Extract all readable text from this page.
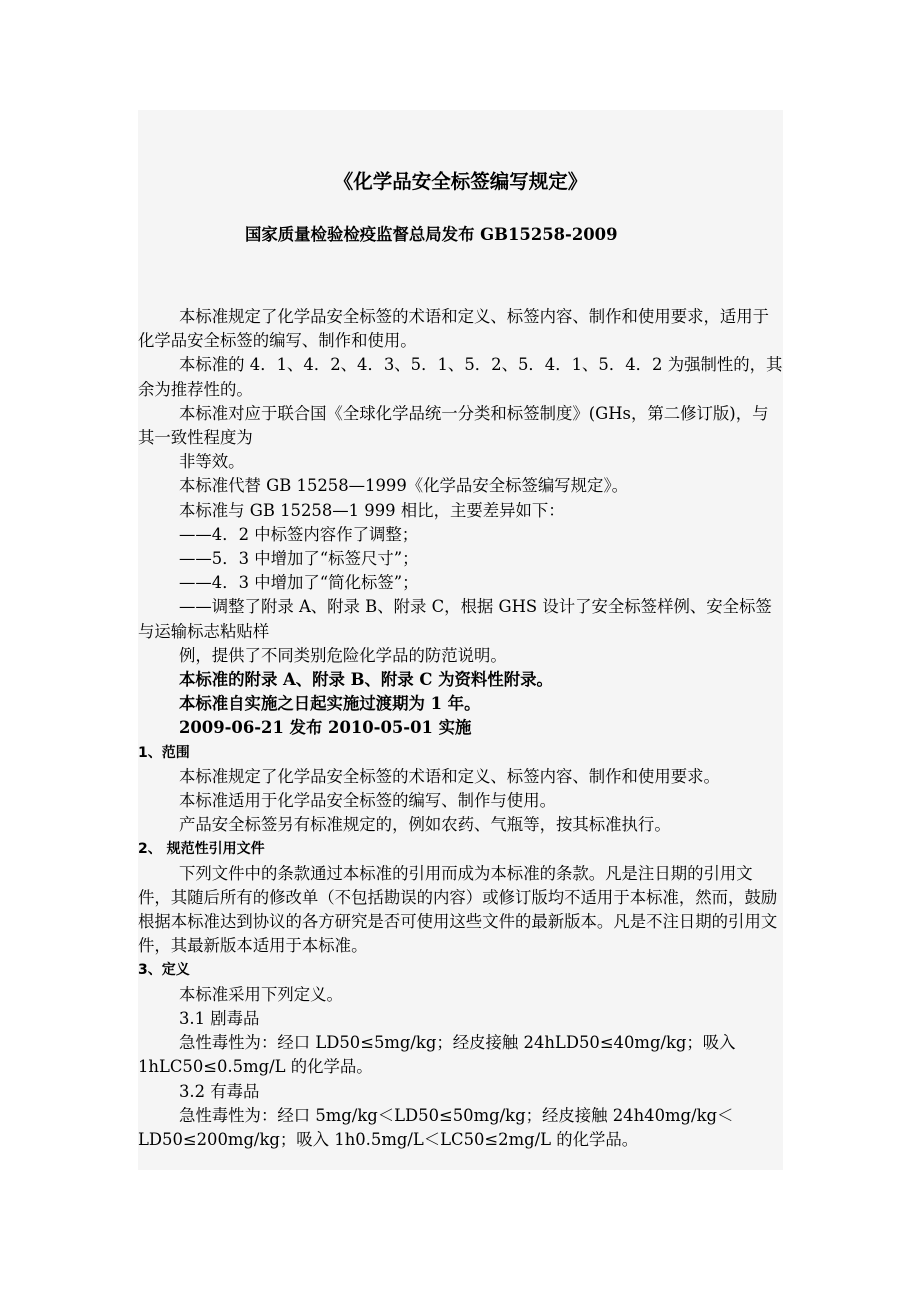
《化学品安全标签编写规定》
国家质量检验检疫监督总局发布 GB15258-2009

本标准规定了化学品安全标签的术语和定义、标签内容、制作和使用要求，适用于化学品安全标签的编写、制作和使用。

本标准的 4．1、4．2、4．3、5．1、5．2、5．4．1、5．4．2 为强制性的，其余为推荐性的。

本标准对应于联合国《全球化学品统一分类和标签制度》(GHs，第二修订版)，与其一致性程度为

非等效。

本标准代替 GB 15258—1999《化学品安全标签编写规定》。

本标准与 GB 15258—1 999 相比，主要差异如下：

——4．2 中标签内容作了调整；

——5．3 中增加了“标签尺寸”；

——4．3 中增加了“简化标签”；

——调整了附录 A、附录 B、附录 C，根据 GHS 设计了安全标签样例、安全标签与运输标志粘贴样

例，提供了不同类别危险化学品的防范说明。

本标准的附录 A、附录 B、附录 C 为资料性附录。

本标准自实施之日起实施过渡期为 1 年。

2009-06-21 发布 2010-05-01 实施

1、范围

本标准规定了化学品安全标签的术语和定义、标签内容、制作和使用要求。

本标准适用于化学品安全标签的编写、制作与使用。

产品安全标签另有标准规定的，例如农药、气瓶等，按其标准执行。

2、 规范性引用文件

下列文件中的条款通过本标准的引用而成为本标准的条款。凡是注日期的引用文件，其随后所有的修改单（不包括勘误的内容）或修订版均不适用于本标准，然而，鼓励根据本标准达到协议的各方研究是否可使用这些文件的最新版本。凡是不注日期的引用文件，其最新版本适用于本标准。

3、定义

本标准采用下列定义。

3.1 剧毒品

急性毒性为：经口 LD50≤5mg/kg；经皮接触 24hLD50≤40mg/kg；吸入 1hLC50≤0.5mg/L 的化学品。

3.2 有毒品

急性毒性为：经口 5mg/kg＜LD50≤50mg/kg；经皮接触 24h40mg/kg＜LD50≤200mg/kg；吸入 1h0.5mg/L＜LC50≤2mg/L 的化学品。
